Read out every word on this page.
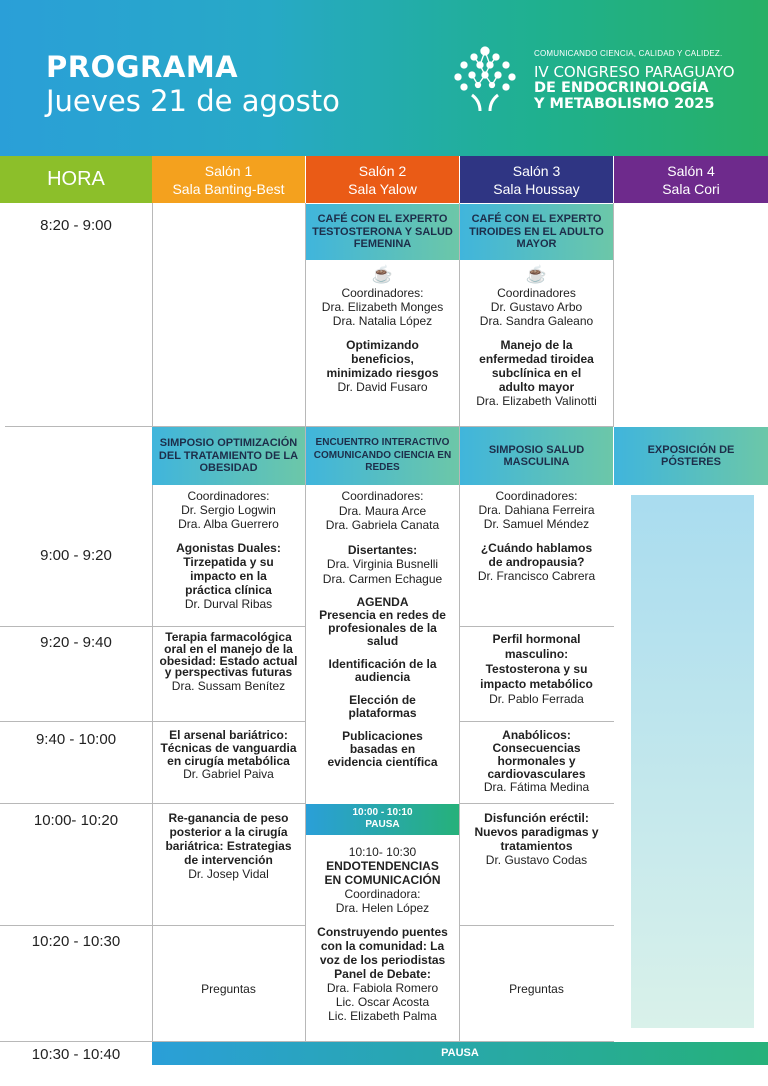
PROGRAMA
Jueves 21 de agosto
COMUNICANDO CIENCIA, CALIDAD Y CALIDEZ.
IV CONGRESO PARAGUAYO
DE ENDOCRINOLOGÍA
Y METABOLISMO 2025
HORA	Salón 1
Sala Banting-Best
Salón 2
Sala Yalow
Salón 3
Sala Houssay
Salón 4
Sala Cori
8:20 - 9:00
9:00 - 9:20
9:20 - 9:40
9:40 - 10:00
10:00- 10:20
10:20 - 10:30
10:30 - 10:40
CAFÉ CON EL EXPERTO TESTOSTERONA Y SALUD FEMENINA
☕
Coordinadores:
Dra. Elizabeth Monges
Dra. Natalia López
Optimizando beneficios, minimizado riesgos
Dr. David Fusaro
CAFÉ CON EL EXPERTO TIROIDES EN EL ADULTO MAYOR
☕
Coordinadores
Dr. Gustavo Arbo
Dra. Sandra Galeano
Manejo de la enfermedad tiroidea subclínica en el adulto mayor
Dra. Elizabeth Valinotti
SIMPOSIO OPTIMIZACIÓN DEL TRATAMIENTO DE LA OBESIDAD
Coordinadores:
Dr. Sergio Logwin
Dra. Alba Guerrero
Agonistas Duales: Tirzepatida y su impacto en la práctica clínica
Dr. Durval Ribas
Terapia farmacológica oral en el manejo de la obesidad: Estado actual y perspectivas futuras
Dra. Sussam Benítez
El arsenal bariátrico: Técnicas de vanguardia en cirugía metabólica
Dr. Gabriel Paiva
Re-ganancia de peso posterior a la cirugía bariátrica: Estrategias de intervención
Dr. Josep Vidal
Preguntas
ENCUENTRO INTERACTIVO COMUNICANDO CIENCIA EN REDES
Coordinadores:
Dra. Maura Arce
Dra. Gabriela Canata
Disertantes:
Dra. Virginia Busnelli
Dra. Carmen Echague
AGENDA
Presencia en redes de profesionales de la salud
Identificación de la audiencia
Elección de plataformas
Publicaciones basadas en evidencia científica
10:00 - 10:10
PAUSA
10:10- 10:30
ENDOTENDENCIAS EN COMUNICACIÓN
Coordinadora:
Dra. Helen López
Construyendo puentes con la comunidad: La voz de los periodistas Panel de Debate:
Dra. Fabiola Romero
Lic. Oscar Acosta
Lic. Elizabeth Palma
SIMPOSIO SALUD MASCULINA
Coordinadores:
Dra. Dahiana Ferreira
Dr. Samuel Méndez
¿Cuándo hablamos de andropausia?
Dr. Francisco Cabrera
Perfil hormonal masculino: Testosterona y su impacto metabólico
Dr. Pablo Ferrada
Anabólicos: Consecuencias hormonales y cardiovasculares
Dra. Fátima Medina
Disfunción eréctil: Nuevos paradigmas y tratamientos
Dr. Gustavo Codas
Preguntas
EXPOSICIÓN DE PÓSTERES
PAUSA
